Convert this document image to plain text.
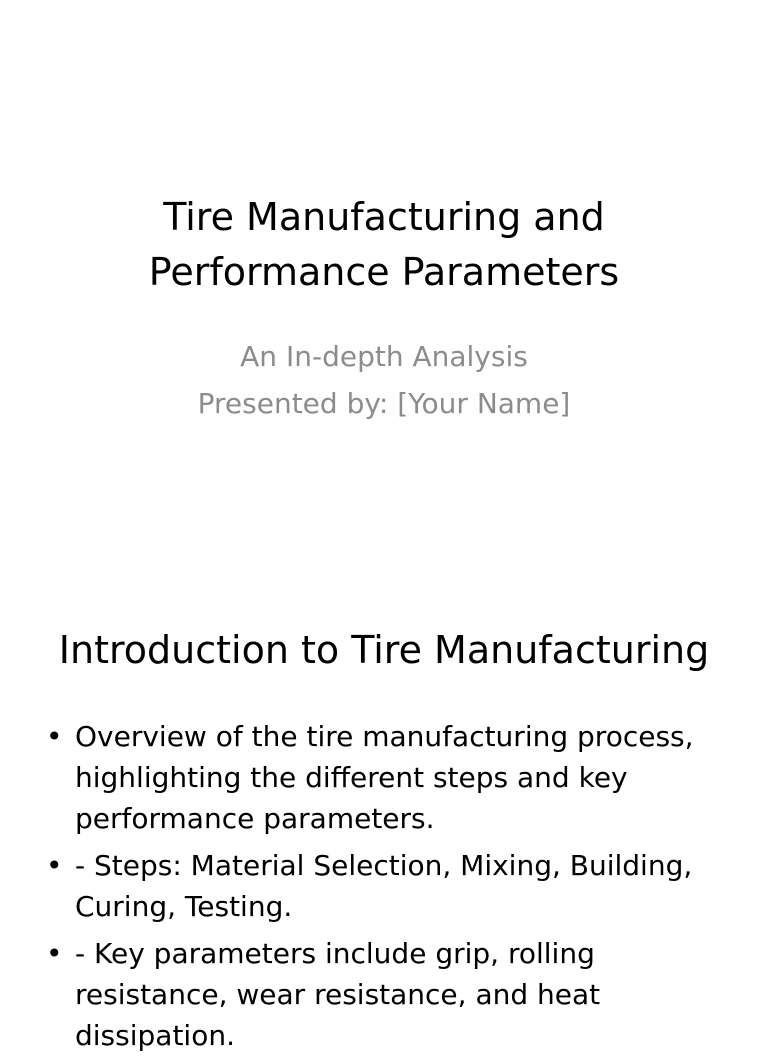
Tire Manufacturing and
Performance Parameters
An In-depth Analysis
Presented by: [Your Name]
Introduction to Tire Manufacturing
• Overview of the tire manufacturing process, highlighting the different steps and key performance parameters.
• - Steps: Material Selection, Mixing, Building, Curing, Testing.
• - Key parameters include grip, rolling resistance, wear resistance, and heat dissipation.
